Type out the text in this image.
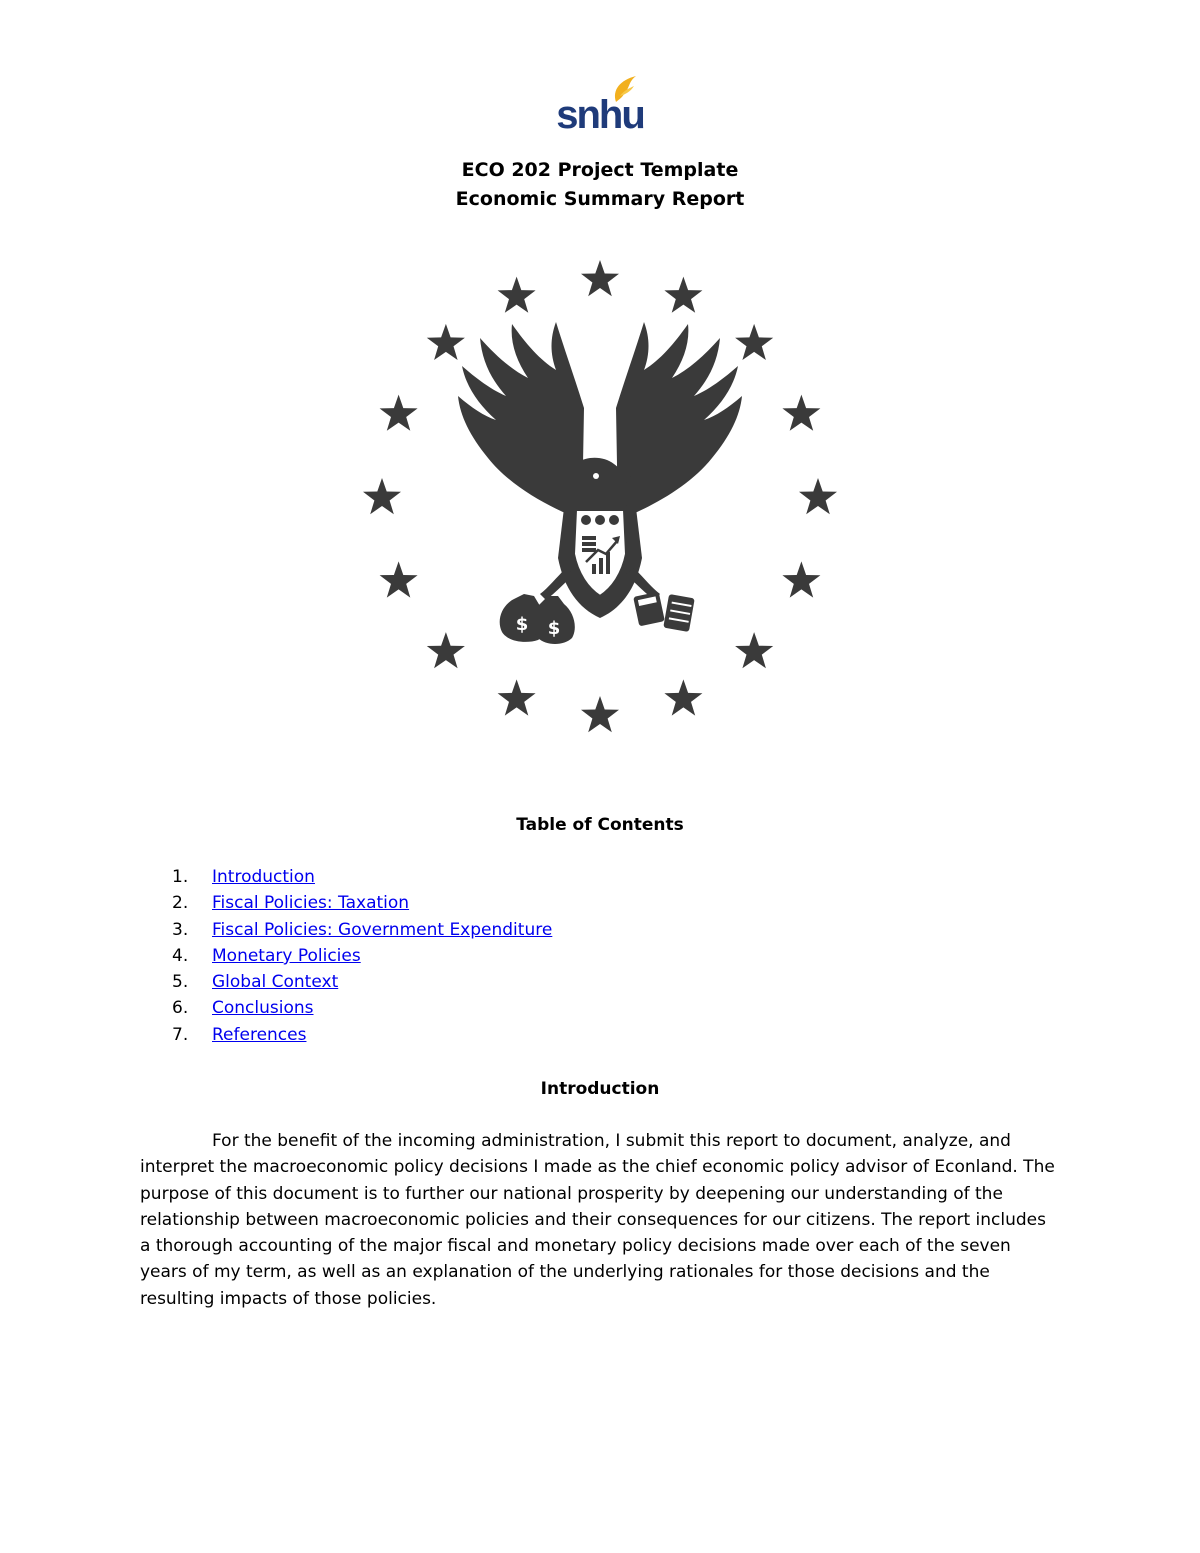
snhu
ECO 202 Project Template
Economic Summary Report
$ $
Table of Contents
1.	Introduction
2.	Fiscal Policies: Taxation
3.	Fiscal Policies: Government Expenditure
4.	Monetary Policies
5.	Global Context
6.	Conclusions
7.	References
Introduction

For the benefit of the incoming administration, I submit this report to document, analyze, and interpret the macroeconomic policy decisions I made as the chief economic policy advisor of Econland. The purpose of this document is to further our national prosperity by deepening our understanding of the relationship between macroeconomic policies and their consequences for our citizens. The report includes a thorough accounting of the major fiscal and monetary policy decisions made over each of the seven years of my term, as well as an explanation of the underlying rationales for those decisions and the resulting impacts of those policies.
